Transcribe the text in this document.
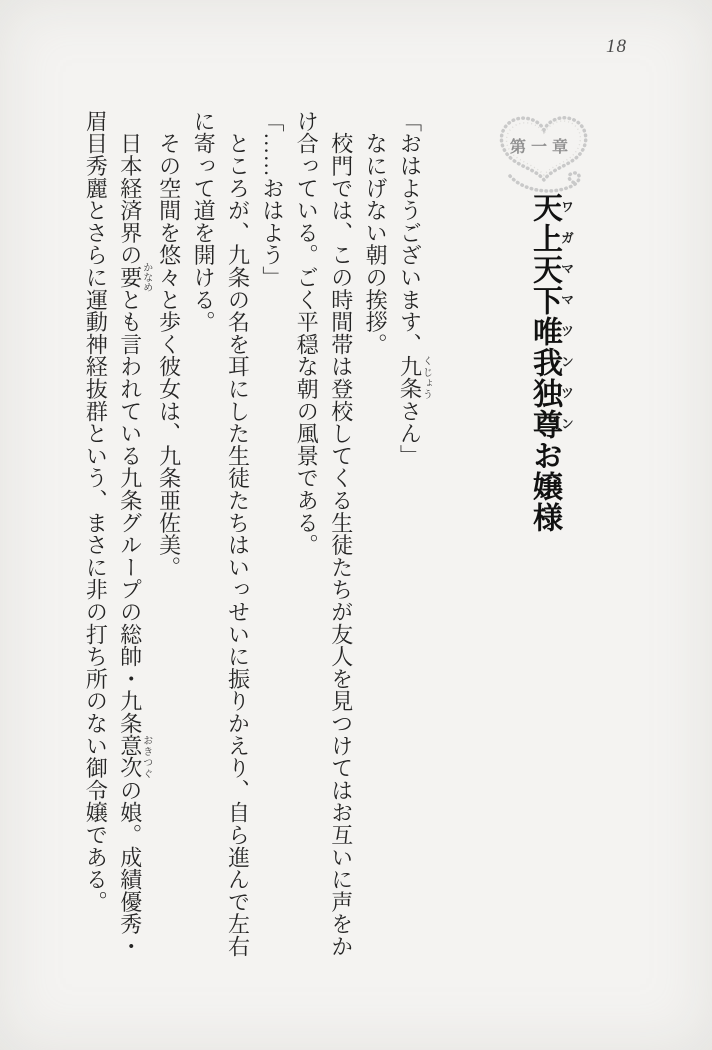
18
第一章
天上天下唯我独尊ワガママツンツンお嬢様

「おはようございます、九条くじょうさん」

　なにげない朝の挨拶。

　校門では、この時間帯は登校してくる生徒たちが友人を見つけてはお互いに声をか

け合っている。ごく平穏な朝の風景である。

「……おはよう」

　ところが、九条の名を耳にした生徒たちはいっせいに振りかえり、自ら進んで左右

に寄って道を開ける。

　その空間を悠々と歩く彼女は、九条亜佐美。

　日本経済界の要かなめとも言われている九条グループの総帥・九条意次おきつぐの娘。成績優秀・

眉目秀麗とさらに運動神経抜群という、まさに非の打ち所のない御令嬢である。
